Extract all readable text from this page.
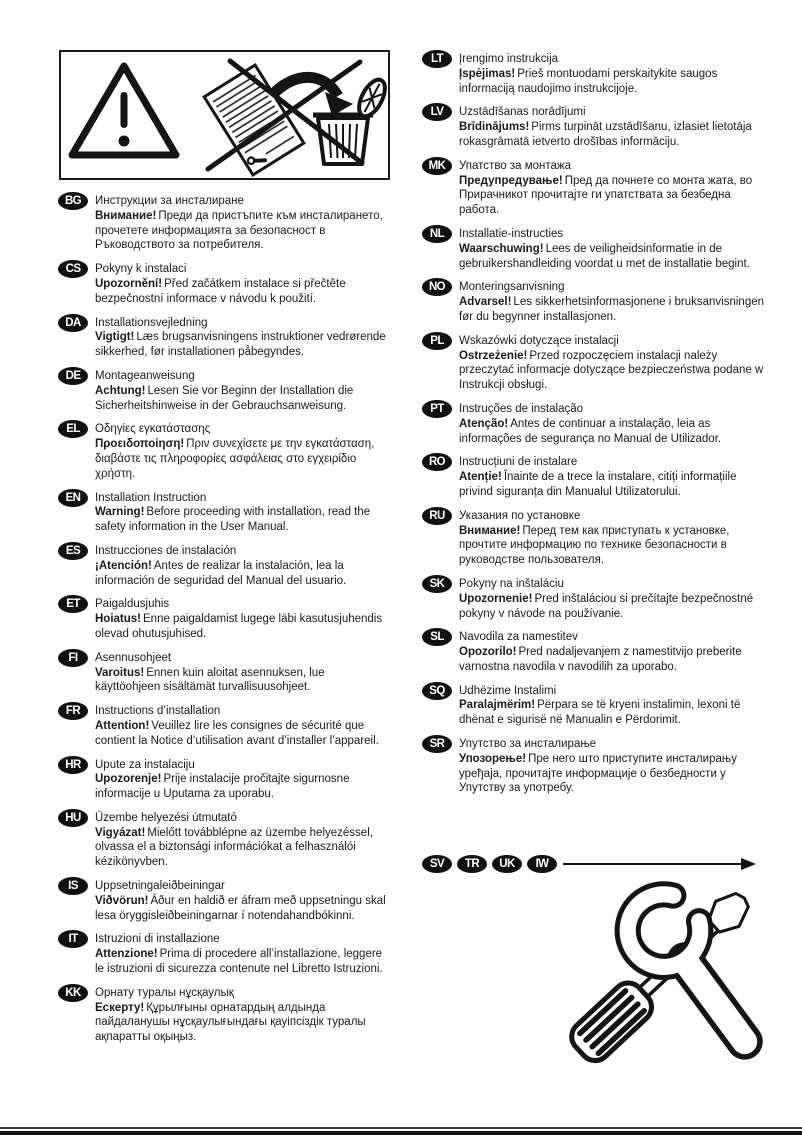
BG	Инструкции за инсталиране
Внимание! Преди да пристъпите към инсталирането, прочетете информацията за безопасност в Ръководството за потребителя.
CS	Pokyny k instalaci
Upozornění! Před začátkem instalace si přečtěte bezpečnostní informace v návodu k použití.
DA	Installationsvejledning
Vigtigt! Læs brugsanvisningens instruktioner vedrørende sikkerhed, før installationen påbegyndes.
DE	Montageanweisung
Achtung! Lesen Sie vor Beginn der Installation die Sicherheitshinweise in der Gebrauchsanweisung.
EL	Οδηγίες εγκατάστασης
Προειδοποίηση! Πριν συνεχίσετε με την εγκατάσταση, διαβάστε τις πληροφορίες ασφάλειας στο εγχειρίδιο χρήστη.
EN	Installation Instruction
Warning! Before proceeding with installation, read the safety information in the User Manual.
ES	Instrucciones de instalación
¡Atención! Antes de realizar la instalación, lea la información de seguridad del Manual del usuario.
ET	Paigaldusjuhis
Hoiatus! Enne paigaldamist lugege läbi kasutusjuhendis olevad ohutusjuhised.
FI	Asennusohjeet
Varoitus! Ennen kuin aloitat asennuksen, lue käyttöohjeen sisältämät turvallisuusohjeet.
FR	Instructions d’installation
Attention! Veuillez lire les consignes de sécurité que contient la Notice d’utilisation avant d’installer l’appareil.
HR	Upute za instalaciju
Upozorenje! Prije instalacije pročitajte sigurnosne informacije u Uputama za uporabu.
HU	Üzembe helyezési útmutató
Vigyázat! Mielőtt továbblépne az üzembe helyezéssel, olvassa el a biztonsági információkat a felhasználói kézikönyvben.
IS	Uppsetningaleiðbeiningar
Viðvörun! Áður en haldið er áfram með uppsetningu skal lesa öryggisleiðbeiningarnar í notendahandbókinni.
IT	Istruzioni di installazione
Attenzione! Prima di procedere all’installazione, leggere le istruzioni di sicurezza contenute nel Libretto Istruzioni.
KK	Орнату туралы нұсқаулық
Ескерту! Құрылғыны орнатардың алдында пайдаланушы нұсқаулығындағы қауіпсіздік туралы ақпаратты оқыңыз.
LT	Įrengimo instrukcija
Įspėjimas! Prieš montuodami perskaitykite saugos informaciją naudojimo instrukcijoje.
LV	Uzstādīšanas norādījumi
Brīdinājums! Pirms turpināt uzstādīšanu, izlasiet lietotāja rokasgrāmatā ietverto drošības informāciju.
MK	Упатство за монтажа
Предупредување! Пред да почнете со монта жата, во Прирачникот прочитајте ги упатствата за безбедна работа.
NL	Installatie-instructies
Waarschuwing! Lees de veiligheidsinformatie in de gebruikershandleiding voordat u met de installatie begint.
NO	Monteringsanvisning
Advarsel! Les sikkerhetsinformasjonene i bruksanvisningen før du begynner installasjonen.
PL	Wskazówki dotyczące instalacji
Ostrzeżenie! Przed rozpoczęciem instalacji należy przeczytać informacje dotyczące bezpieczeństwa podane w Instrukcji obsługi.
PT	Instruções de instalação
Atenção! Antes de continuar a instalação, leia as informações de segurança no Manual de Utilizador.
RO	Instrucțiuni de instalare
Atenție! Înainte de a trece la instalare, citiți informațiile privind siguranța din Manualul Utilizatorului.
RU	Указания по установке
Внимание! Перед тем как приступать к установке, прочтите информацию по технике безопасности в руководстве пользователя.
SK	Pokyny na inštaláciu
Upozornenie! Pred inštaláciou si prečítajte bezpečnostné pokyny v návode na používanie.
SL	Navodila za namestitev
Opozorilo! Pred nadaljevanjem z namestitvijo preberite varnostna navodila v navodilih za uporabo.
SQ	Udhëzime Instalimi
Paralajmërim! Përpara se të kryeni instalimin, lexoni të dhënat e sigurisë në Manualin e Përdorimit.
SR	Упутство за инсталирање
Упозорење! Пре него што приступите инсталирању уређаја, прочитајте информације о безбедности у Упутству за употребу.
SV	TR	UK	IW
